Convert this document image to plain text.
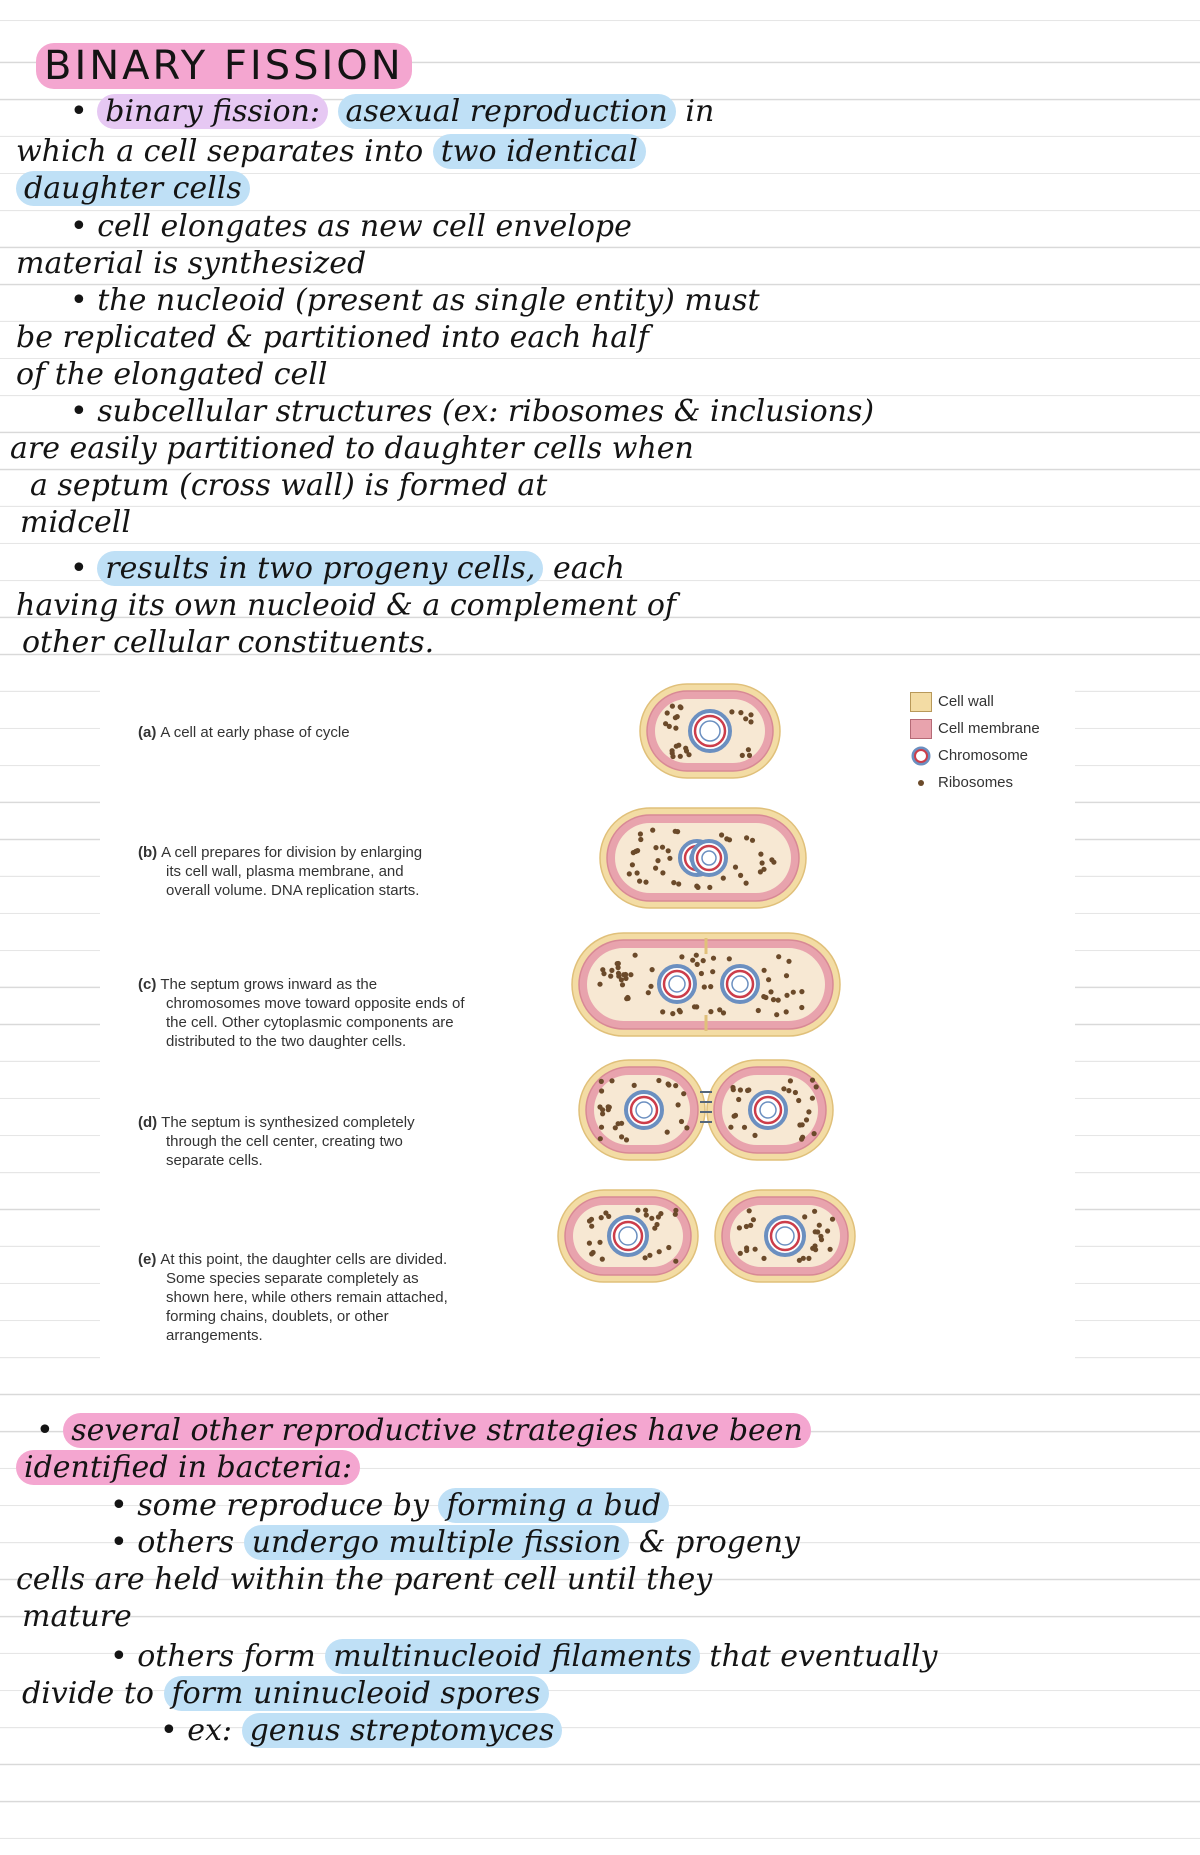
BINARY FISSION

• binary fission: asexual reproduction in

which a cell separates into two identical

daughter cells

• cell elongates as new cell envelope

material is synthesized

• the nucleoid (present as single entity) must

be replicated & partitioned into each half

of the elongated cell

• subcellular structures (ex: ribosomes & inclusions)

are easily partitioned to daughter cells when

a septum (cross wall) is formed at

midcell

• results in two progeny cells, each

having its own nucleoid & a complement of

other cellular constituents.

(a) A cell at early phase of cycle
(b) A cell prepares for division by enlarging its cell wall, plasma membrane, and overall volume. DNA replication starts.
(c) The septum grows inward as the chromosomes move toward opposite ends of the cell. Other cytoplasmic components are distributed to the two daughter cells.
(d) The septum is synthesized completely through the cell center, creating two separate cells.
(e) At this point, the daughter cells are divided. Some species separate completely as shown here, while others remain attached, forming chains, doublets, or other arrangements.
Cell wall
Cell membrane
Chromosome
Ribosomes

• several other reproductive strategies have been

identified in bacteria:

• some reproduce by forming a bud

• others undergo multiple fission & progeny

cells are held within the parent cell until they

mature

• others form multinucleoid filaments that eventually

divide to form uninucleoid spores

• ex: genus streptomyces
